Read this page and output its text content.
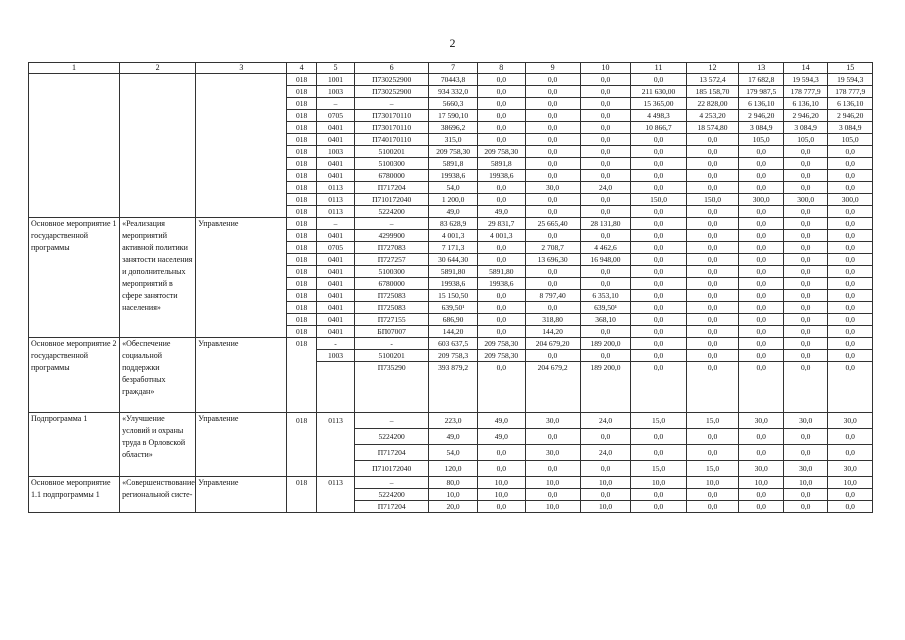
2
1	2	3	4	5	6	7	8	9	10	11	12	13	14	15
			018	1001	П730252900	70443,8	0,0	0,0	0,0	0,0	13 572,4	17 682,8	19 594,3	19 594,3
			018	1003	П730252900	934 332,0	0,0	0,0	0,0	211 630,00	185 158,70	179 987,5	178 777,9	178 777,9
			018	–	–	5660,3	0,0	0,0	0,0	15 365,00	22 828,00	6 136,10	6 136,10	6 136,10
			018	0705	П730170110	17 590,10	0,0	0,0	0,0	4 498,3	4 253,20	2 946,20	2 946,20	2 946,20
			018	0401	П730170110	38696,2	0,0	0,0	0,0	10 866,7	18 574,80	3 084,9	3 084,9	3 084,9
			018	0401	П740170110	315,0	0,0	0,0	0,0	0,0	0,0	105,0	105,0	105,0
			018	1003	5100201	209 758,30	209 758,30	0,0	0,0	0,0	0,0	0,0	0,0	0,0
			018	0401	5100300	5891,8	5891,8	0,0	0,0	0,0	0,0	0,0	0,0	0,0
			018	0401	6780000	19938,6	19938,6	0,0	0,0	0,0	0,0	0,0	0,0	0,0
			018	0113	П717204	54,0	0,0	30,0	24,0	0,0	0,0	0,0	0,0	0,0
			018	0113	П710172040	1 200,0	0,0	0,0	0,0	150,0	150,0	300,0	300,0	300,0
			018	0113	5224200	49,0	49,0	0,0	0,0	0,0	0,0	0,0	0,0	0,0
Основное мероприятие 1 государственной программы	«Реализация мероприятий активной политики занятости населения и дополнительных мероприятий в сфере занятости населения»	Управление	018	–	–	83 628,9	29 831,7	25 665,40	28 131,80	0,0	0,0	0,0	0,0	0,0
			018	0401	4299900	4 001,3	4 001,3	0,0	0,0	0,0	0,0	0,0	0,0	0,0
			018	0705	П727083	7 171,3	0,0	2 708,7	4 462,6	0,0	0,0	0,0	0,0	0,0
			018	0401	П727257	30 644,30	0,0	13 696,30	16 948,00	0,0	0,0	0,0	0,0	0,0
			018	0401	5100300	5891,80	5891,80	0,0	0,0	0,0	0,0	0,0	0,0	0,0
			018	0401	6780000	19938,6	19938,6	0,0	0,0	0,0	0,0	0,0	0,0	0,0
			018	0401	П725083	15 150,50	0,0	8 797,40	6 353,10	0,0	0,0	0,0	0,0	0,0
			018	0401	П725083	639,50¹	0,0	0,0	639,50¹	0,0	0,0	0,0	0,0	0,0
			018	0401	П727155	686,90	0,0	318,80	368,10	0,0	0,0	0,0	0,0	0,0
			018	0401	БП07007	144,20	0,0	144,20	0,0	0,0	0,0	0,0	0,0	0,0
Основное мероприятие 2 государственной программы	«Обеспечение социальной поддержки безработных граждан»	Управление	018	-	-	603 637,5	209 758,30	204 679,20	189 200,0	0,0	0,0	0,0	0,0	0,0
				1003	5100201	209 758,3	209 758,30	0,0	0,0	0,0	0,0	0,0	0,0	0,0
					П735290	393 879,2	0,0	204 679,2	189 200,0	0,0	0,0	0,0	0,0	0,0
Подпрограмма 1	«Улучшение условий и охраны труда в Орловской области»	Управление	018	0113	–	223,0	49,0	30,0	24,0	15,0	15,0	30,0	30,0	30,0
					5224200	49,0	49,0	0,0	0,0	0,0	0,0	0,0	0,0	0,0
					П717204	54,0	0,0	30,0	24,0	0,0	0,0	0,0	0,0	0,0
					П710172040	120,0	0,0	0,0	0,0	15,0	15,0	30,0	30,0	30,0
Основное мероприятие 1.1 подпрограммы 1	«Совершенствование региональной систе-	Управление	018	0113	–	80,0	10,0	10,0	10,0	10,0	10,0	10,0	10,0	10,0
					5224200	10,0	10,0	0,0	0,0	0,0	0,0	0,0	0,0	0,0
					П717204	20,0	0,0	10,0	10,0	0,0	0,0	0,0	0,0	0,0
